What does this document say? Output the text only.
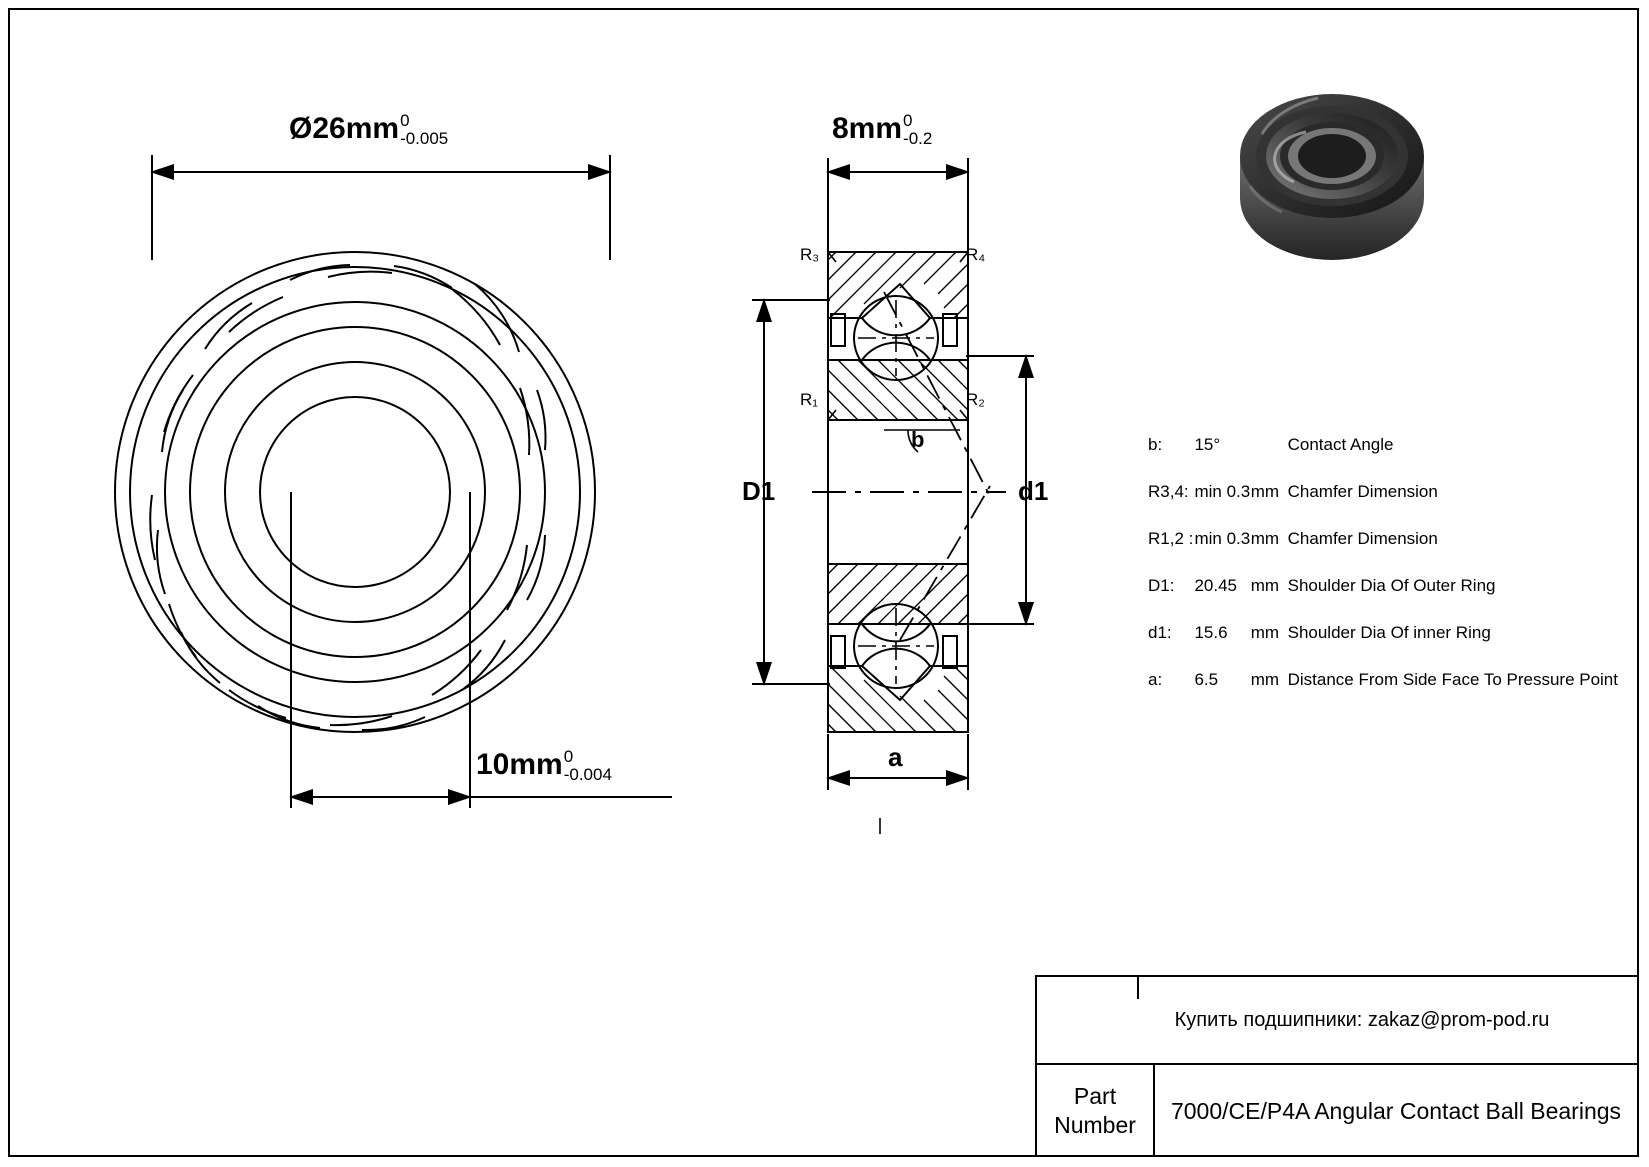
Ø26mm 0
-0.005	8mm 0
-0.2
10mm 0
-0.004
D1	d1
a
b
R₃	R₄
R₁	R₂
b:	15°		Contact Angle
R3,4:	min 0.3	mm	Chamfer Dimension
R1,2 :	min 0.3	mm	Chamfer Dimension
D1:	20.45	mm	Shoulder Dia Of Outer Ring
d1:	15.6	mm	Shoulder Dia Of inner Ring
a:	6.5	mm	Distance From Side Face To Pressure Point
Купить подшипники: zakaz@prom-pod.ru
Part
Number
7000/CE/P4A Angular Contact Ball Bearings
